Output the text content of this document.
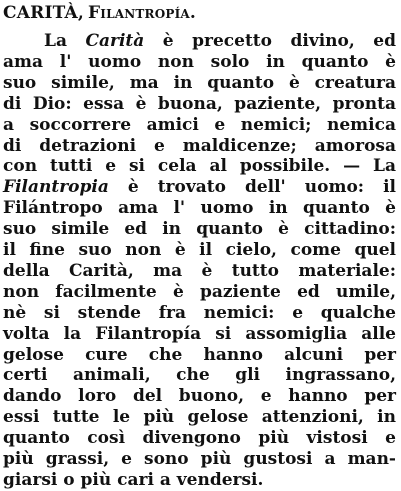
CARITÀ, Filantropía.
La Carità è precetto divino, ed
ama l' uomo non solo in quanto è
suo simile, ma in quanto è creatura
di Dio: essa è buona, paziente, pronta
a soccorrere amici e nemici; nemica
di detrazioni e maldicenze; amorosa
con tutti e si cela al possibile. — La
Filantropia è trovato dell' uomo: il
Filántropo ama l' uomo in quanto è
suo simile ed in quanto è cittadino:
il fine suo non è il cielo, come quel
della Carità, ma è tutto materiale:
non facilmente è paziente ed umile,
nè si stende fra nemici: e qualche
volta la Filantropía si assomiglia alle
gelose cure che hanno alcuni per
certi animali, che gli ingrassano,
dando loro del buono, e hanno per
essi tutte le più gelose attenzioni, in
quanto così divengono più vistosi e
più grassi, e sono più gustosi a man-
giarsi o più cari a vendersi.
